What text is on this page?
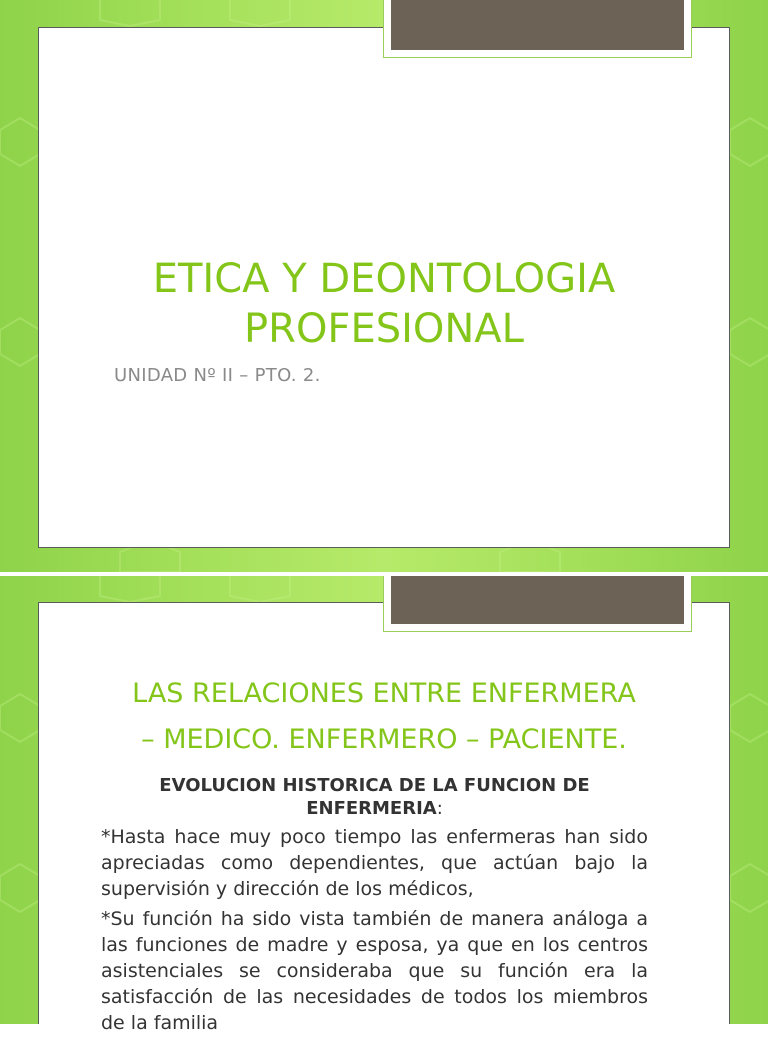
ETICA Y DEONTOLOGIA
PROFESIONAL
UNIDAD Nº II – PTO. 2.
LAS RELACIONES ENTRE ENFERMERA
– MEDICO. ENFERMERO – PACIENTE.

EVOLUCION HISTORICA DE LA FUNCION DE ENFERMERIA:

*Hasta hace muy poco tiempo las enfermeras han sido apreciadas como dependientes, que actúan bajo la supervisión y dirección de los médicos,

*Su función ha sido vista también de manera análoga a las funciones de madre y esposa, ya que en los centros asistenciales se consideraba que su función era la satisfacción de las necesidades de todos los miembros de la familia
